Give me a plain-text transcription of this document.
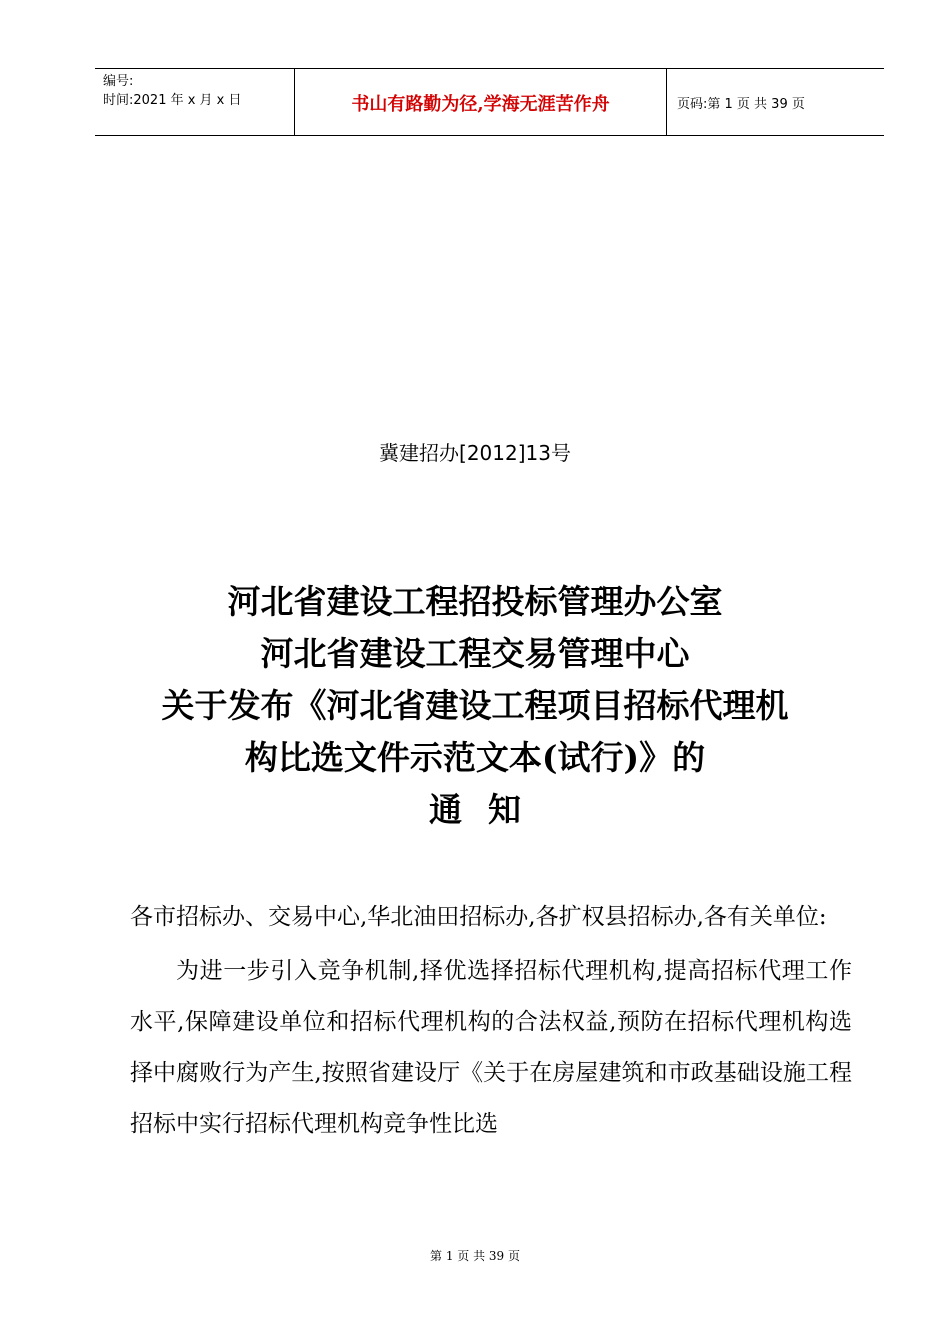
编号:
时间:2021 年 x 月 x 日	书山有路勤为径,学海无涯苦作舟	页码:第 1 页 共 39 页
冀建招办[2012]13号
河北省建设工程招投标管理办公室
河北省建设工程交易管理中心
关于发布《河北省建设工程项目招标代理机
构比选文件示范文本(试行)》的
通知

各市招标办、交易中心,华北油田招标办,各扩权县招标办,各有关单位:

为进一步引入竞争机制,择优选择招标代理机构,提高招标代理工作水平,保障建设单位和招标代理机构的合法权益,预防在招标代理机构选择中腐败行为产生,按照省建设厅《关于在房屋建筑和市政基础设施工程招标中实行招标代理机构竞争性比选

第 1 页 共 39 页
